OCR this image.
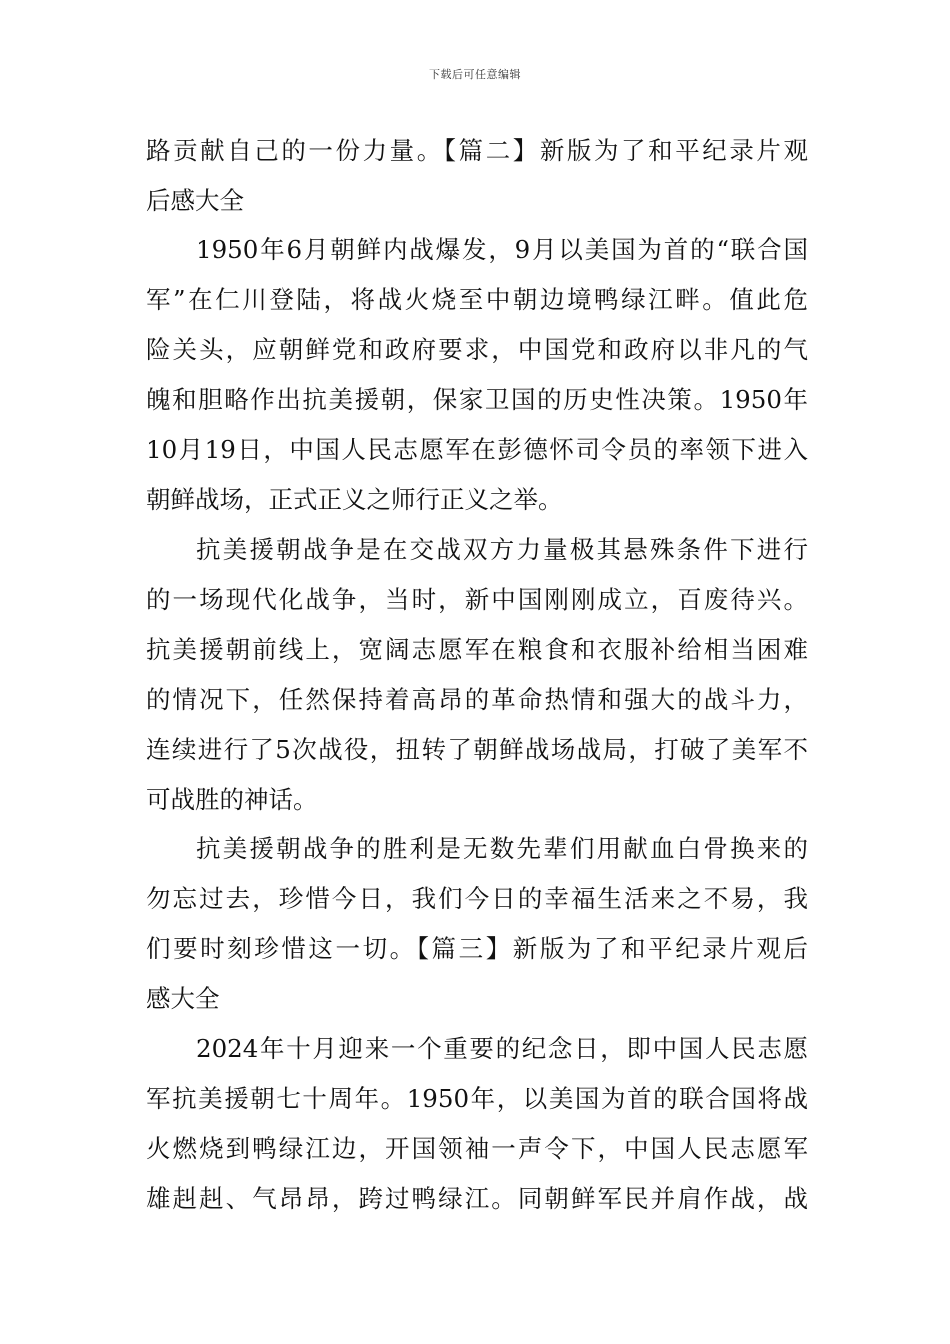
下载后可任意编辑
路贡献自己的一份力量。【篇二】新版为了和平纪录片观
后感大全
1950年6月朝鲜内战爆发，9月以美国为首的“联合国
军”在仁川登陆，将战火烧至中朝边境鸭绿江畔。值此危
险关头，应朝鲜党和政府要求，中国党和政府以非凡的气
魄和胆略作出抗美援朝，保家卫国的历史性决策。1950年
10月19日，中国人民志愿军在彭德怀司令员的率领下进入
朝鲜战场，正式正义之师行正义之举。
抗美援朝战争是在交战双方力量极其悬殊条件下进行
的一场现代化战争，当时，新中国刚刚成立，百废待兴。
抗美援朝前线上，宽阔志愿军在粮食和衣服补给相当困难
的情况下，任然保持着高昂的革命热情和强大的战斗力，
连续进行了5次战役，扭转了朝鲜战场战局，打破了美军不
可战胜的神话。
抗美援朝战争的胜利是无数先辈们用献血白骨换来的
勿忘过去，珍惜今日，我们今日的幸福生活来之不易，我
们要时刻珍惜这一切。【篇三】新版为了和平纪录片观后
感大全
2024年十月迎来一个重要的纪念日，即中国人民志愿
军抗美援朝七十周年。1950年，以美国为首的联合国将战
火燃烧到鸭绿江边，开国领袖一声令下，中国人民志愿军
雄赳赳、气昂昂，跨过鸭绿江。同朝鲜军民并肩作战，战
